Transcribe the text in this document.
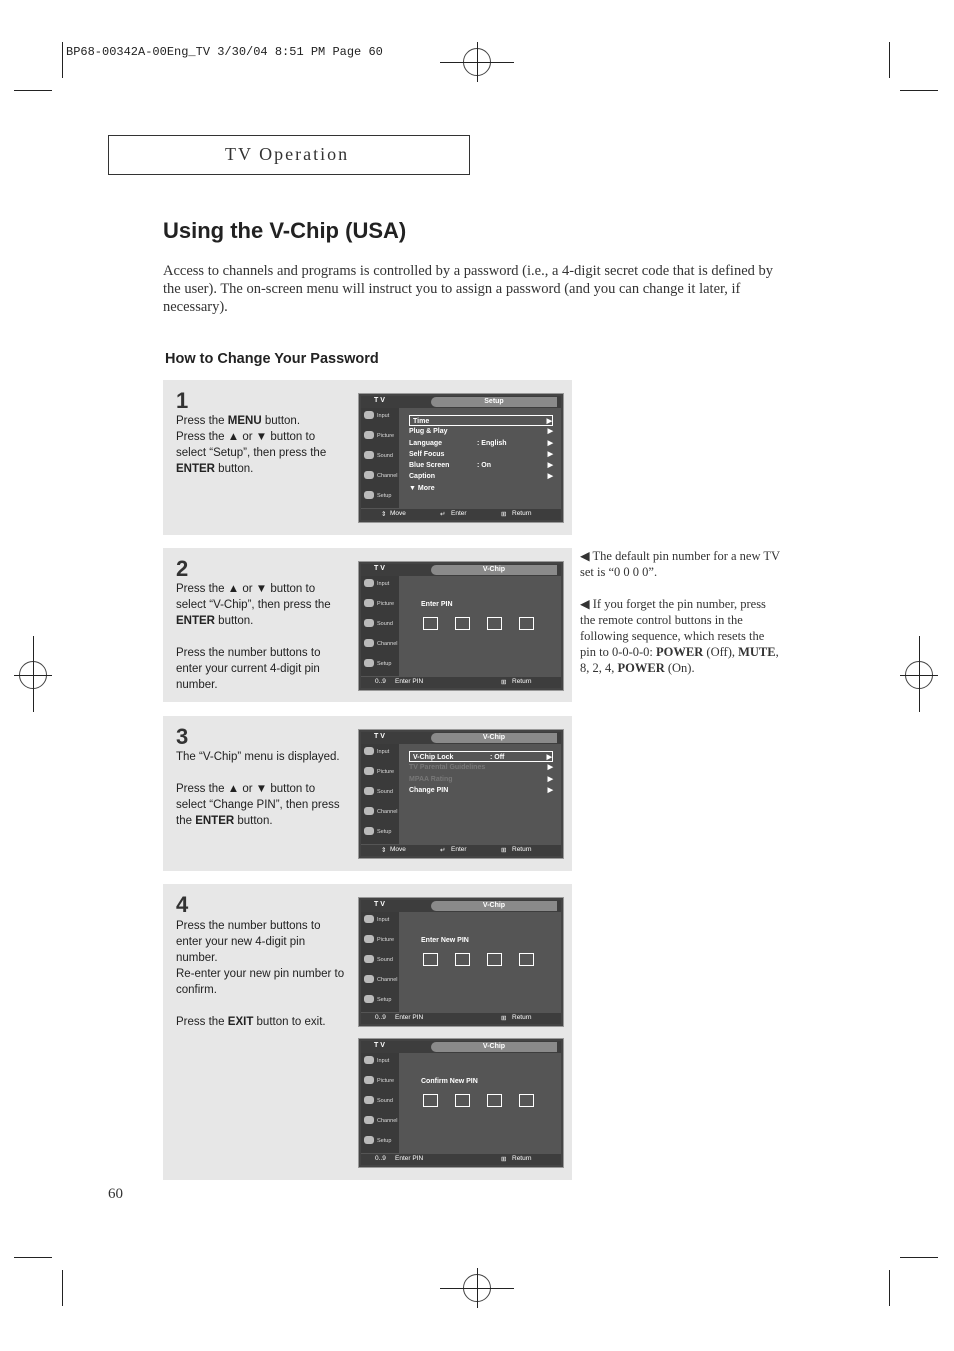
BP68-00342A-00Eng_TV 3/30/04 8:51 PM Page 60
TV Operation
Using the V-Chip (USA)

Access to channels and programs is controlled by a password (i.e., a 4-digit secret code that is defined by the user). The on-screen menu will instruct you to assign a password (and you can change it later, if necessary).

How to Change Your Password
1

Press the MENU button.
Press the ▲ or ▼ button to select “Setup”, then press the ENTER button.

T V	Setup
Input
Picture
Sound
Channel
Setup
Time	▶
Plug & Play	▶
Language	: English	▶
Self Focus	▶
Blue Screen	: On	▶
Caption	▶
▼ More
⇕ Move	↵ Enter	⊞ Return
2

Press the ▲ or ▼ button to select “V-Chip”, then press the ENTER button.

Press the number buttons to enter your current 4-digit pin number.

T V	V-Chip
Input
Picture
Sound
Channel
Setup
Enter PIN
0..9 Enter PIN	⊞ Return
3

The “V-Chip” menu is displayed.

Press the ▲ or ▼ button to select “Change PIN”, then press the ENTER button.

T V	V-Chip
Input
Picture
Sound
Channel
Setup
V-Chip Lock	: Off	▶
TV Parental Guidelines	▶
MPAA Rating	▶
Change PIN	▶
⇕ Move	↵ Enter	⊞ Return
4

Press the number buttons to enter your new 4-digit pin number.
Re-enter your new pin number to confirm.

Press the EXIT button to exit.

T V	V-Chip
Input
Picture
Sound
Channel
Setup
Enter New PIN
0..9 Enter PIN	⊞ Return
T V	V-Chip
Input
Picture
Sound
Channel
Setup
Confirm New PIN
0..9 Enter PIN	⊞ Return

◀ The default pin number for a new TV set is “0 0 0 0”.

◀ If you forget the pin number, press the remote control buttons in the following sequence, which resets the pin to 0-0-0-0: POWER (Off), MUTE, 8, 2, 4, POWER (On).

60
